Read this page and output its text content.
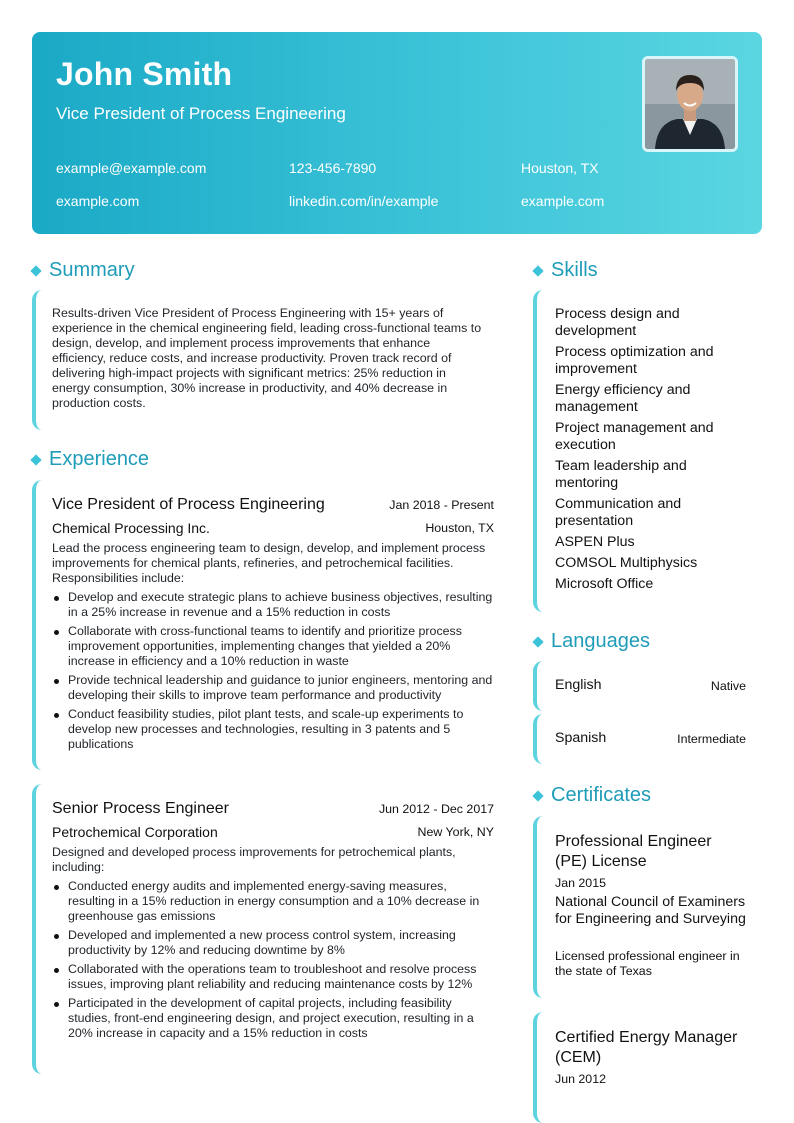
John Smith
Vice President of Process Engineering
example@example.com	123-456-7890	Houston, TX
example.com	linkedin.com/in/example	example.com
Summary
Results-driven Vice President of Process Engineering with 15+ years of experience in the chemical engineering field, leading cross-functional teams to design, develop, and implement process improvements that enhance efficiency, reduce costs, and increase productivity. Proven track record of delivering high-impact projects with significant metrics: 25% reduction in energy consumption, 30% increase in productivity, and 40% decrease in production costs.
Experience
Vice President of Process Engineering	Jan 2018 - Present
Chemical Processing Inc.	Houston, TX
Lead the process engineering team to design, develop, and implement process improvements for chemical plants, refineries, and petrochemical facilities. Responsibilities include:
Develop and execute strategic plans to achieve business objectives, resulting in a 25% increase in revenue and a 15% reduction in costs
Collaborate with cross-functional teams to identify and prioritize process improvement opportunities, implementing changes that yielded a 20% increase in efficiency and a 10% reduction in waste
Provide technical leadership and guidance to junior engineers, mentoring and developing their skills to improve team performance and productivity
Conduct feasibility studies, pilot plant tests, and scale-up experiments to develop new processes and technologies, resulting in 3 patents and 5 publications
Senior Process Engineer	Jun 2012 - Dec 2017
Petrochemical Corporation	New York, NY
Designed and developed process improvements for petrochemical plants, including:
Conducted energy audits and implemented energy-saving measures, resulting in a 15% reduction in energy consumption and a 10% decrease in greenhouse gas emissions
Developed and implemented a new process control system, increasing productivity by 12% and reducing downtime by 8%
Collaborated with the operations team to troubleshoot and resolve process issues, improving plant reliability and reducing maintenance costs by 12%
Participated in the development of capital projects, including feasibility studies, front-end engineering design, and project execution, resulting in a 20% increase in capacity and a 15% reduction in costs
Skills
Process design and development
Process optimization and improvement
Energy efficiency and management
Project management and execution
Team leadership and mentoring
Communication and presentation
ASPEN Plus
COMSOL Multiphysics
Microsoft Office
Languages
English	Native
Spanish	Intermediate
Certificates
Professional Engineer (PE) License
Jan 2015
National Council of Examiners for Engineering and Surveying
Licensed professional engineer in the state of Texas
Certified Energy Manager (CEM)
Jun 2012
